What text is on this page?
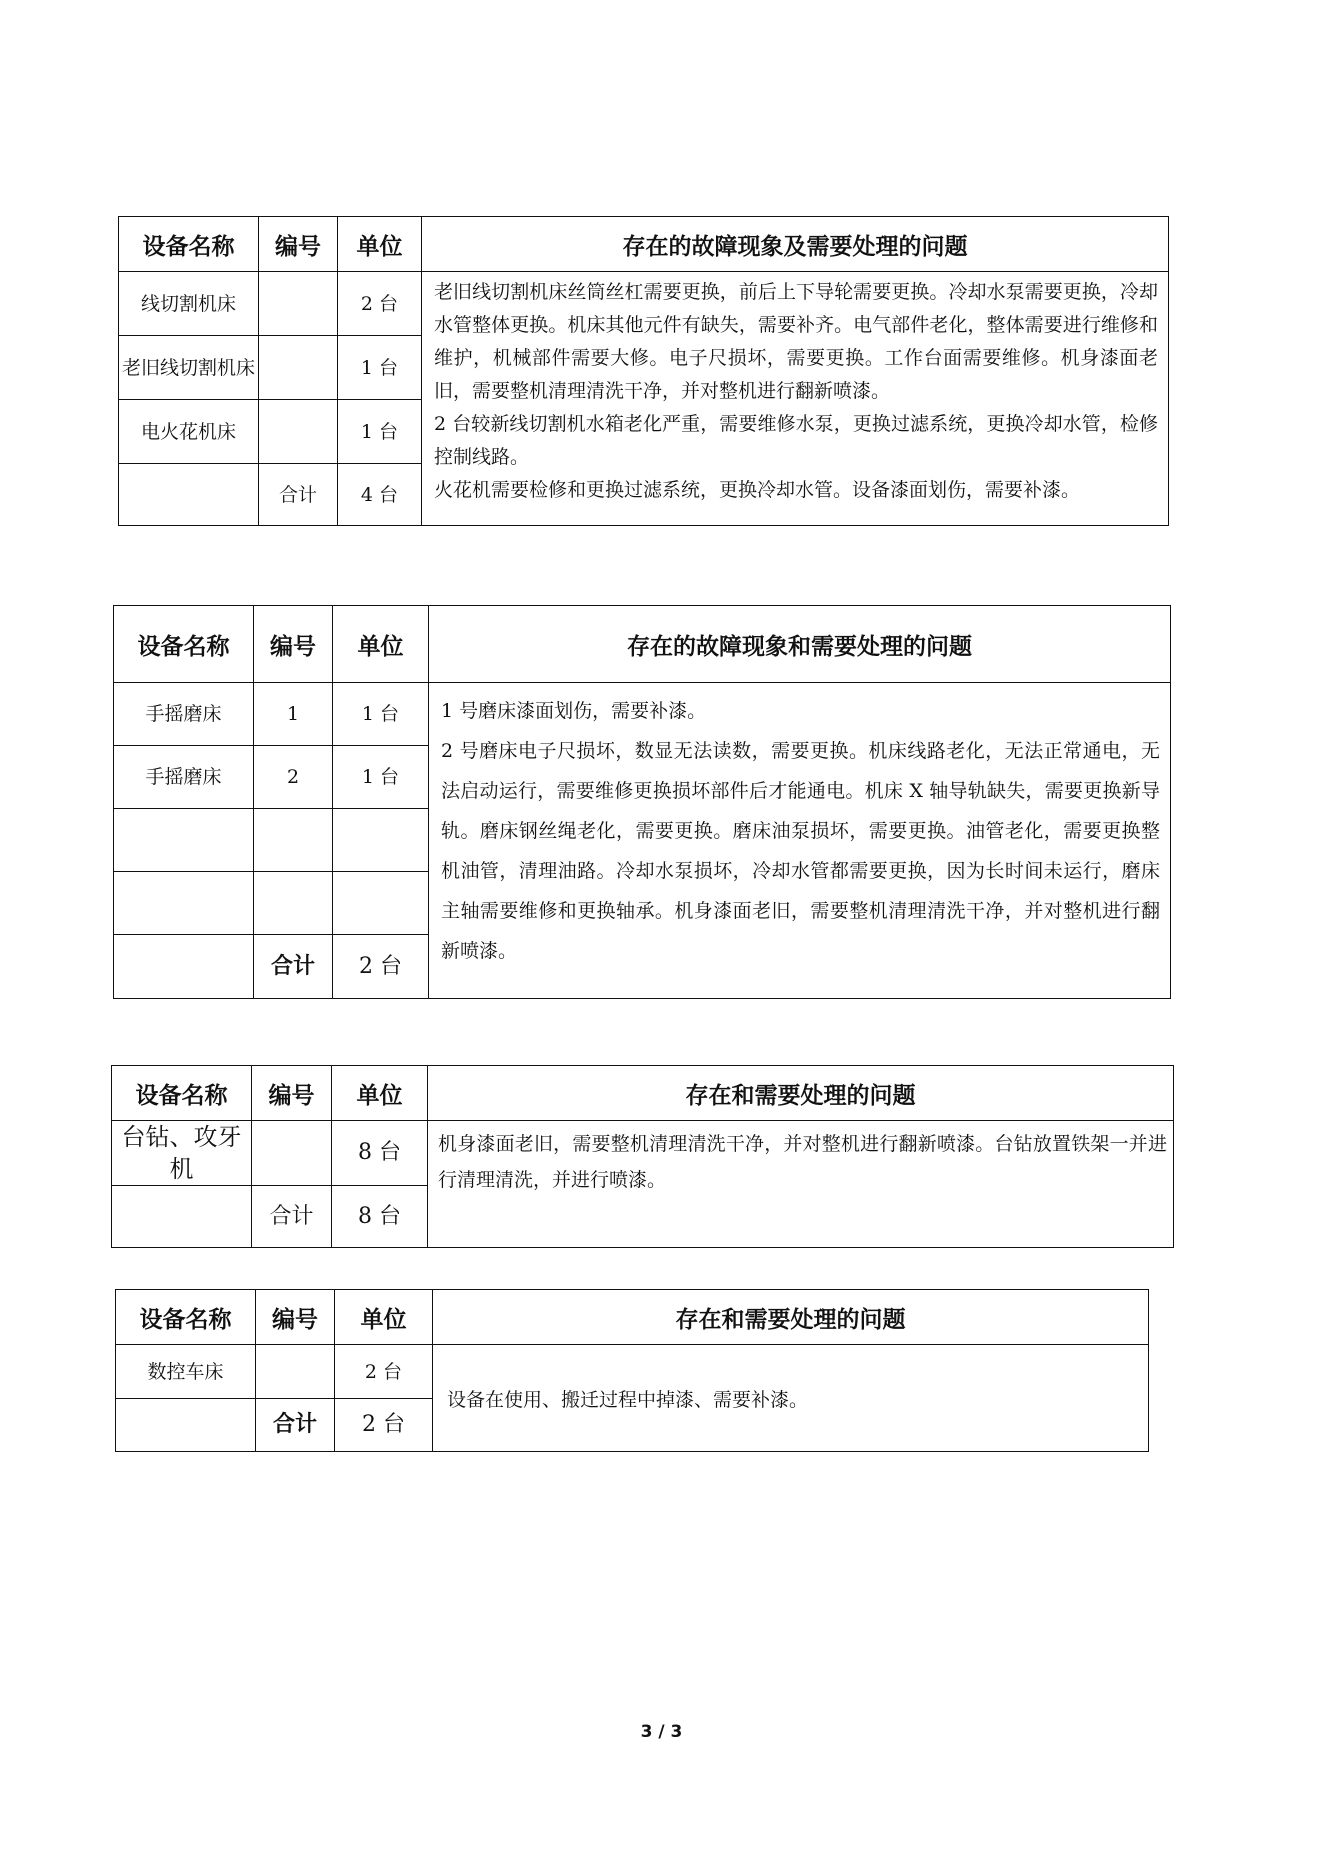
设备名称	编号	单位	存在的故障现象及需要处理的问题
线切割机床		2 台	老旧线切割机床丝筒丝杠需要更换，前后上下导轮需要更换。冷却水泵需要更换，冷却水管整体更换。机床其他元件有缺失，需要补齐。电气部件老化，整体需要进行维修和维护，机械部件需要大修。电子尺损坏，需要更换。工作台面需要维修。机身漆面老旧，需要整机清理清洗干净，并对整机进行翻新喷漆。

2 台较新线切割机水箱老化严重，需要维修水泵，更换过滤系统，更换冷却水管，检修控制线路。

火花机需要检修和更换过滤系统，更换冷却水管。设备漆面划伤，需要补漆。

老旧线切割机床		1 台	
电火花机床		1 台	
	合计	4 台	
设备名称	编号	单位	存在的故障现象和需要处理的问题
手摇磨床	1	1 台	1 号磨床漆面划伤，需要补漆。

2 号磨床电子尺损坏，数显无法读数，需要更换。机床线路老化，无法正常通电，无法启动运行，需要维修更换损坏部件后才能通电。机床 X 轴导轨缺失，需要更换新导轨。磨床钢丝绳老化，需要更换。磨床油泵损坏，需要更换。油管老化，需要更换整机油管，清理油路。冷却水泵损坏，冷却水管都需要更换，因为长时间未运行，磨床主轴需要维修和更换轴承。机身漆面老旧，需要整机清理清洗干净，并对整机进行翻新喷漆。

手摇磨床	2	1 台	

	合计	2 台	
设备名称	编号	单位	存在和需要处理的问题
台钻、攻牙机		8 台	机身漆面老旧，需要整机清理清洗干净，并对整机进行翻新喷漆。台钻放置铁架一并进行清理清洗，并进行喷漆。

	合计	8 台	
设备名称	编号	单位	存在和需要处理的问题
数控车床		2 台	设备在使用、搬迁过程中掉漆、需要补漆。

	合计	2 台	
3 / 3
